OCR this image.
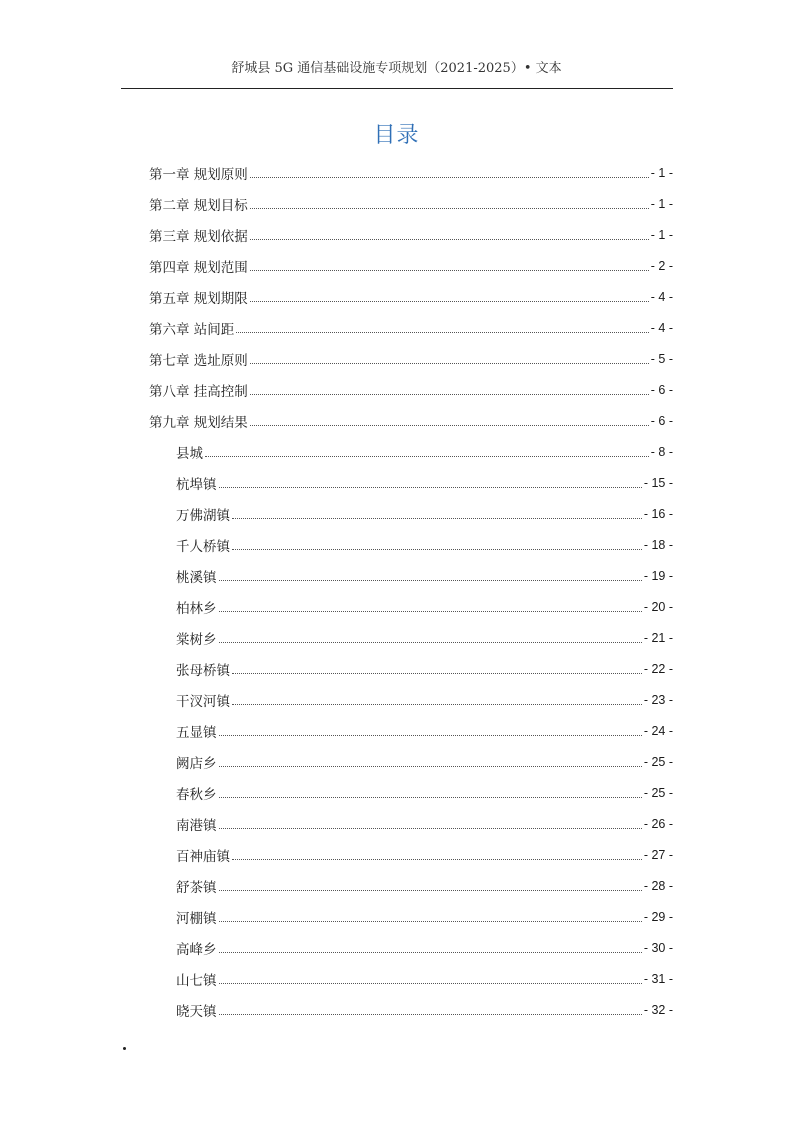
舒城县 5G 通信基础设施专项规划（2021-2025）• 文本
目录
第一章 规划原则	- 1 -
第二章 规划目标	- 1 -
第三章 规划依据	- 1 -
第四章 规划范围	- 2 -
第五章 规划期限	- 4 -
第六章 站间距	- 4 -
第七章 选址原则	- 5 -
第八章 挂高控制	- 6 -
第九章 规划结果	- 6 -
县城	- 8 -
杭埠镇	- 15 -
万佛湖镇	- 16 -
千人桥镇	- 18 -
桃溪镇	- 19 -
柏林乡	- 20 -
棠树乡	- 21 -
张母桥镇	- 22 -
干汊河镇	- 23 -
五显镇	- 24 -
阙店乡	- 25 -
春秋乡	- 25 -
南港镇	- 26 -
百神庙镇	- 27 -
舒茶镇	- 28 -
河棚镇	- 29 -
高峰乡	- 30 -
山七镇	- 31 -
晓天镇	- 32 -
